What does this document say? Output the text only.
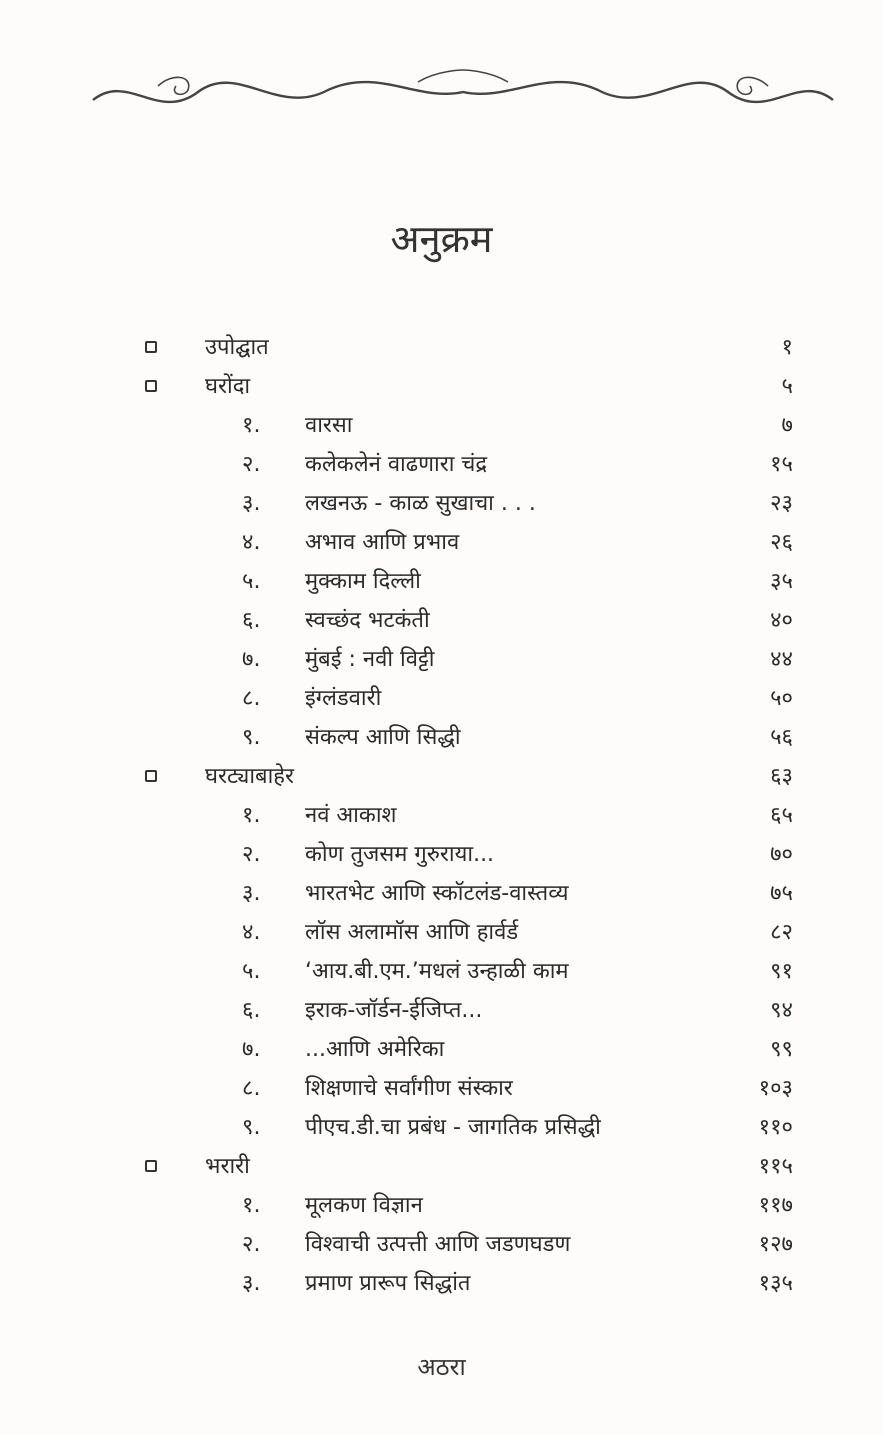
अनुक्रम
उपोद्घात	१
घरोंदा	५
१.	वारसा	७
२.	कलेकलेनं वाढणारा चंद्र	१५
३.	लखनऊ - काळ सुखाचा . . .	२३
४.	अभाव आणि प्रभाव	२६
५.	मुक्काम दिल्ली	३५
६.	स्वच्छंद भटकंती	४०
७.	मुंबई : नवी विट्टी	४४
८.	इंग्लंडवारी	५०
९.	संकल्प आणि सिद्धी	५६
घरट्याबाहेर	६३
१.	नवं आकाश	६५
२.	कोण तुजसम गुरुराया...	७०
३.	भारतभेट आणि स्कॉटलंड-वास्तव्य	७५
४.	लॉस अलामॉस आणि हार्वर्ड	८२
५.	‘आय.बी.एम.’मधलं उन्हाळी काम	९१
६.	इराक-जॉर्डन-ईजिप्त...	९४
७.	...आणि अमेरिका	९९
८.	शिक्षणाचे सर्वांगीण संस्कार	१०३
९.	पीएच.डी.चा प्रबंध - जागतिक प्रसिद्धी	११०
भरारी	११५
१.	मूलकण विज्ञान	११७
२.	विश्वाची उत्पत्ती आणि जडणघडण	१२७
३.	प्रमाण प्रारूप सिद्धांत	१३५
अठरा
